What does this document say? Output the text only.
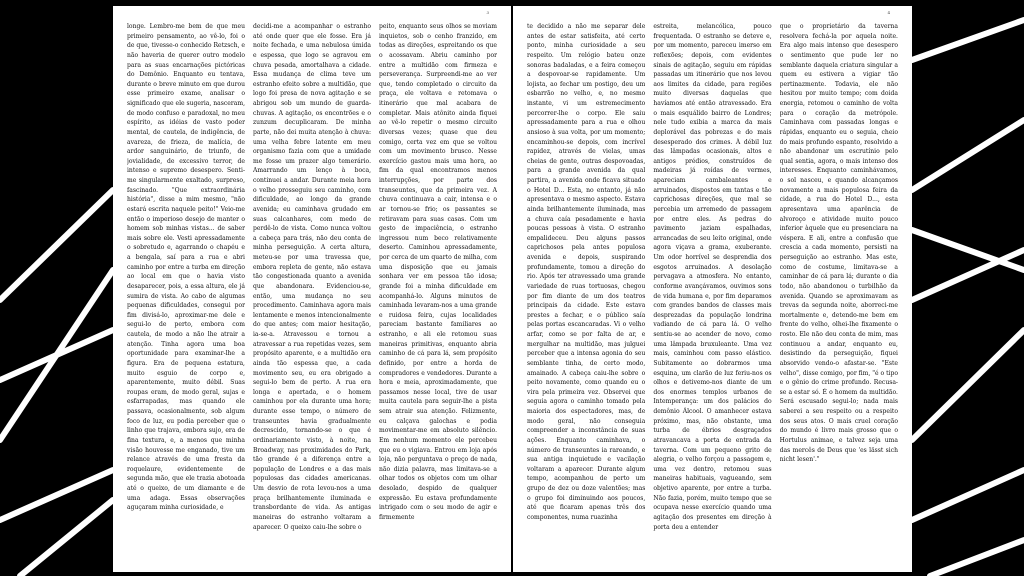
3
longe. Lembro-me bem de que meu primeiro pensamento, ao vê-lo, foi o de que, tivesse-o conhecido Retzsch, e não haveria de querer outro modelo para as suas encarnações pictóricas do Demônio. Enquanto eu tentava, durante o breve minuto em que durou esse primeiro exame, analisar o significado que ele sugeria, nasceram, de modo confuso e paradoxal, no meu espírito, as idéias de vasto poder mental, de cautela, de indigência, de avareza, de frieza, de malícia, de ardor sanguinário, de triunfo, de jovialidade, de excessivo terror, de intenso e supremo desespero. Senti-me singularmente exaltado, surpreso, fascinado. "Que extraordinária história", disse a mim mesmo, "não estará escrita naquele peito!" Veio-me então o imperioso desejo de manter o homem sob minhas vistas... de saber mais sobre ele. Vesti apressadamente o sobretudo e, agarrando o chapéu e a bengala, saí para a rua e abri caminho por entre a turba em direção ao local em que o havia visto desaparecer, pois, a essa altura, ele já sumira de vista. Ao cabo de algumas pequenas dificuldades, consegui por fim divisá-lo, aproximar-me dele e segui-lo de perto, embora com cautela, de modo a não lhe atrair a atenção. Tinha agora uma boa oportunidade para examinar-lhe a figura. Era de pequena estatura, muito esguio de corpo e, aparentemente, muito débil. Suas roupas eram, de modo geral, sujas e esfarrapadas, mas quando ele passava, ocasionalmente, sob algum foco de luz, eu podia perceber que o linho que trajava, embora sujo, era de fina textura, e, a menos que minha visão houvesse me enganado, tive um relance através de uma fresta da roquelaure, evidentemente de segunda mão, que ele trazia abotoada até o queixo, de um diamante e de uma adaga. Essas observações aguçaram minha curiosidade, e
decidi-me a acompanhar o estranho até onde quer que ele fosse. Era já noite fechada, e uma nebulosa úmida e espessa, que logo se agravou em chuva pesada, amortalhava a cidade. Essa mudança de clima teve um estranho efeito sobre a multidão, que logo foi presa de nova agitação e se abrigou sob um mundo de guarda-chuvas. A agitação, os encontrões e o zunzum decuplicaram. De minha parte, não dei muita atenção à chuva: uma velha febre latente em meu organismo fazia com que a umidade me fosse um prazer algo temerário. Amarrando um lenço à boca, continuei a andar. Durante meia hora o velho prosseguiu seu caminho, com dificuldade, ao longo da grande avenida; eu caminhava grudado em suas calcanhares, com medo de perdê-lo de vista. Como nunca voltou a cabeça para trás, não deu conta de minha perseguição. A certa altura, meteu-se por uma travessa que, embora repleta de gente, não estava tão congestionada quanto a avenida que abandonara. Evidenciou-se, então, uma mudança no seu procedimento. Caminhava agora mais lentamente e menos intencionalmente do que antes; com maior hesitação, ia-se-a. Atravessou e tornou a atravessar a rua repetidas vezes, sem propósito aparente, e a multidão era ainda tão espessa que, a cada movimento seu, eu era obrigado a segui-lo bem de perto. A rua era longa e apertada, e o homem caminhou por ela durante uma hora; durante esse tempo, o número de transeuntes havia gradualmente decrescido, tornando-se o que é ordinariamente visto, à noite, na Broadway, nas proximidades do Park, tão grande é a diferença entre a população de Londres e a das mais populosas das cidades americanas. Um desvio de rota levou-nos a uma praça brilhantemente iluminada e transbordante de vida. As antigas maneiras do estranho voltaram a aparecer. O queixo caiu-lhe sobre o
peito, enquanto seus olhos se moviam inquietos, sob o cenho franzido, em todas as direções, espreitando os que o acossavam. Abriu caminho por entre a multidão com firmeza e perseverança. Surpreendi-me ao ver que, tendo completado o circuito da praça, ele voltava e retomava o itinerário que mal acabara de completar. Mais atônito ainda fiquei ao vê-lo repetir o mesmo circuito diversas vezes; quase que deu comigo, certa vez em que se voltou com um movimento brusco. Nesse exercício gastou mais uma hora, ao fim da qual encontramos menos interrupções, por parte dos transeuntes, que da primeira vez. A chuva continuava a cair, intensa e o ar tornou-se frio; os passantes se retiravam para suas casas. Com um gesto de impaciência, o estranho ingressou num beco relativamente deserto. Caminhou apressadamente, por cerca de um quarto de milha, com uma disposição que eu jamais sonhara ver em pessoa tão idosa; grande foi a minha dificuldade em acompanhá-lo. Alguns minutos de caminhada levaram-nos a uma grande e ruidosa feira, cujas localidades pareciam bastante familiares ao estranho, e ali ele retomou suas maneiras primitivas, enquanto abria caminho de cá para lá, sem propósito definido, por entre a horda de compradores e vendedores. Durante a hora e meia, aproximadamente, que passamos nesse local, tive de usar muita cautela para seguir-lhe a pista sem atrair sua atenção. Felizmente, eu calçava galochas e podia movimentar-me em absoluto silêncio. Em nenhum momento ele percebeu que eu o vigiava. Entrou em loja após loja, não perguntava o preço de nada, não dizia palavra, mas limitava-se a olhar todos os objetos com um olhar desolado, despido de qualquer expressão. Eu estava profundamente intrigado com o seu modo de agir e firmemente
4
te decidido a não me separar dele antes de estar satisfeita, até certo ponto, minha curiosidade a seu respeito. Um relógio bateu onze sonoras badaladas, e a feira começou a despovoar-se rapidamente. Um lojista, ao fechar um postigo, deu um esbarrão no velho, e, no mesmo instante, vi um estremecimento percorrer-lhe o corpo. Ele saiu apressadamente para a rua e olhou ansioso à sua volta, por um momento; encaminhou-se depois, com incrível rapidez, através de vielas, umas cheias de gente, outras despovoadas, para a grande avenida da qual partira, a avenida onde ficava situado o Hotel D... Esta, no entanto, já não apresentava o mesmo aspecto. Estava ainda brilhantemente iluminada, mas a chuva caía pesadamente e havia poucas pessoas à vista. O estranho empalideceu. Deu alguns passos caprichosos pela antes populosa avenida e depois, suspirando profundamente, tomou a direção do rio. Após ter atravessado uma grande variedade de ruas tortuosas, chegou por fim diante de um dos teatros principais da cidade. Este estava prestes a fechar, e o público saía pelas portas escancaradas. Vi o velho arfar, como se por falta de ar, e mergulhar na multidão, mas julguei perceber que a intensa agonia do seu semblante tinha, de certo modo, amainado. A cabeça caiu-lhe sobre o peito novamente, como quando eu o vira pela primeira vez. Observei que seguia agora o caminho tomado pela maioria dos espectadores, mas, de modo geral, não conseguia compreender a inconstância de suas ações. Enquanto caminhava, o número de transeuntes ia rareando, e sua antiga inquietude e vacilação voltaram a aparecer. Durante algum tempo, acompanhou de perto um grupo de dez ou doze valentões; mas o grupo foi diminuindo aos poucos, até que ficaram apenas três dos componentes, numa ruazinha
estreita, melancólica, pouco frequentada. O estranho se deteve e, por um momento, pareceu imerso em reflexões; depois, com evidentes sinais de agitação, seguiu em rápidas passadas um itinerário que nos levou aos limites da cidade, para regiões muito diversas daquelas que havíamos até então atravessado. Era o mais esquálido bairro de Londres; nele tudo exibia a marca da mais deplorável das pobrezas e do mais desesperado dos crimes. À débil luz das lâmpadas ocasionais, altos e antigos prédios, construídos de madeiras já roídas de vermes, apareciam cambaleantes e arruinados, dispostos em tantas e tão caprichosas direções, que mal se percebia um arremedo de passagem por entre eles. As pedras do pavimento jaziam espalhadas, arrancadas de seu leito original, onde agora viçava a grama, exuberante. Um odor horrível se desprendia dos esgotos arruinados. A desolação pervagava a atmosfera. No entanto, conforme avançávamos, ouvimos sons de vida humana e, por fim deparamos com grandes bandos de classes mais desprezadas da população londrina vadiando de cá para lá. O velho sentiu-se ao acender de novo, como uma lâmpada bruxuleante. Uma vez mais, caminhou com passo elástico. Subitamente ao dobrarmos uma esquina, um clarão de luz feriu-nos os olhos e detivemo-nos diante de um dos enormes templos urbanos de Intemperança: um dos palácios do demônio Álcool. O amanhecer estava próximo, mas, não obstante, uma turba de ébrios desgraçados atravancava a porta de entrada da taverna. Com um pequeno grito de alegria, o velho forçou a passagem e, uma vez dentro, retomou suas maneiras habituais, vagueando, sem objetivo aparente, por entre a turba. Não fazia, porém, muito tempo que se ocupava nesse exercício quando uma agitação dos presentes em direção à porta deu a entender
que o proprietário da taverna resolvera fechá-la por aquela noite. Era algo mais intenso que desespero o sentimento que pude ler no semblante daquela criatura singular a quem eu estivera a vigiar tão pertinazmente. Todavia, ele não hesitou por muito tempo; com doida energia, retomou o caminho de volta para o coração da metrópole. Caminhava com passadas longas e rápidas, enquanto eu o seguia, cheio do mais profundo espanto, resolvido a não abandonar um escrutínio pelo qual sentia, agora, o mais intenso dos interesses. Enquanto caminhávamos, o sol nasceu, e quando alcançamos novamente a mais populosa feira da cidade, a rua do Hotel D..., esta apresentava uma aparência de alvoroço e atividade muito pouco inferior àquele que eu presenciara na véspera. E ali, entre a confusão que crescia a cada momento, persisti na perseguição ao estranho. Mas este, como de costume, limitava-se a caminhar de cá para lá; durante o dia todo, não abandonou o turbilhão da avenida. Quando se aproximavam as trevas da segunda noite, aborreci-me mortalmente e, detendo-me bem em frente do velho, olhei-lhe fixamente o rosto. Ele não deu conta de mim, mas continuou a andar, enquanto eu, desistindo da perseguição, fiquei absorvido vendo-o afastar-se. "Este velho", disse comigo, por fim, "é o tipo e o gênio do crime profundo. Recusa-se a estar só. É o homem da multidão. Será escusado segui-lo; nada mais saberei a seu respeito ou a respeito dos seus atos. O mais cruel coração do mundo é livro mais grosso que o Hortulus animae, e talvez seja uma das mercês de Deus que 'es lässt sich nicht lesen'."
